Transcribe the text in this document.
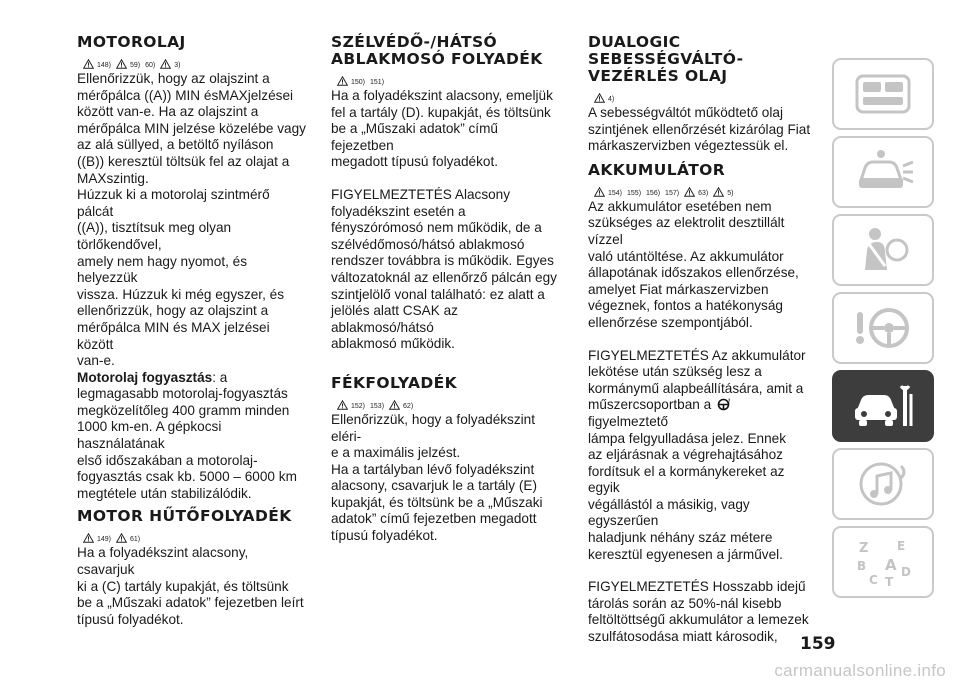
MOTOROLAJ
148)	59) 60)	3)
Ellenőrizzük, hogy az olajszint a
mérőpálca ((A)) MIN ésMAXjelzései
között van-e. Ha az olajszint a
mérőpálca MIN jelzése közelébe vagy
az alá süllyed, a betöltő nyíláson
((B)) keresztül töltsük fel az olajat a
MAXszintig.
Húzzuk ki a motorolaj szintmérő pálcát
((A)), tisztítsuk meg olyan törlőkendővel,
amely nem hagy nyomot, és helyezzük
vissza. Húzzuk ki még egyszer, és
ellenőrizzük, hogy az olajszint a
mérőpálca MIN és MAX jelzései között
van-e.
Motorolaj fogyasztás: a
legmagasabb motorolaj-fogyasztás
megközelítőleg 400 gramm minden
1000 km-en. A gépkocsi használatának
első időszakában a motorolaj-
fogyasztás csak kb. 5000 – 6000 km
megtétele után stabilizálódik.
MOTOR HŰTŐFOLYADÉK
149)	61)
Ha a folyadékszint alacsony, csavarjuk
ki a (C) tartály kupakját, és töltsünk
be a „Műszaki adatok” fejezetben leírt
típusú folyadékot.
SZÉLVÉDŐ-/HÁTSÓ
ABLAKMOSÓ FOLYADÉK
150) 151)
Ha a folyadékszint alacsony, emeljük
fel a tartály (D). kupakját, és töltsünk
be a „Műszaki adatok” című fejezetben
megadott típusú folyadékot.
FIGYELMEZTETÉS Alacsony
folyadékszint esetén a
fényszórómosó nem működik, de a
szélvédőmosó/hátsó ablakmosó
rendszer továbbra is működik. Egyes
változatoknál az ellenőrző pálcán egy
szintjelölő vonal található: ez alatt a
jelölés alatt CSAK az ablakmosó/hátsó
ablakmosó működik.
FÉKFOLYADÉK
152) 153)	62)
Ellenőrizzük, hogy a folyadékszint eléri-
e a maximális jelzést.
Ha a tartályban lévő folyadékszint
alacsony, csavarjuk le a tartály (E)
kupakját, és töltsünk be a „Műszaki
adatok” című fejezetben megadott
típusú folyadékot.
DUALOGIC
SEBESSÉGVÁLTÓ-
VEZÉRLÉS OLAJ
4)
A sebességváltót működtető olaj
szintjének ellenőrzését kizárólag Fiat
márkaszervizben végeztessük el.
AKKUMULÁTOR
154) 155) 156) 157)	63)	5)
Az akkumulátor esetében nem
szükséges az elektrolit desztillált vízzel
való utántöltése. Az akkumulátor
állapotának időszakos ellenőrzése,
amelyet Fiat márkaszervizben
végeznek, fontos a hatékonyság
ellenőrzése szempontjából.
FIGYELMEZTETÉS Az akkumulátor
lekötése után szükség lesz a
kormánymű alapbeállítására, amit a
műszercsoportban a	!
figyelmeztető
lámpa felgyulladása jelez. Ennek
az eljárásnak a végrehajtásához
fordítsuk el a kormánykereket az egyik
végállástól a másikig, vagy egyszerűen
haladjunk néhány száz métere
keresztül egyenesen a járművel.
FIGYELMEZTETÉS Hosszabb idejű
tárolás során az 50%-nál kisebb
feltöltöttségű akkumulátor a lemezek
szulfátosodása miatt károsodik,
Z E
B A
C T
D
159
carmanualsonline.info
